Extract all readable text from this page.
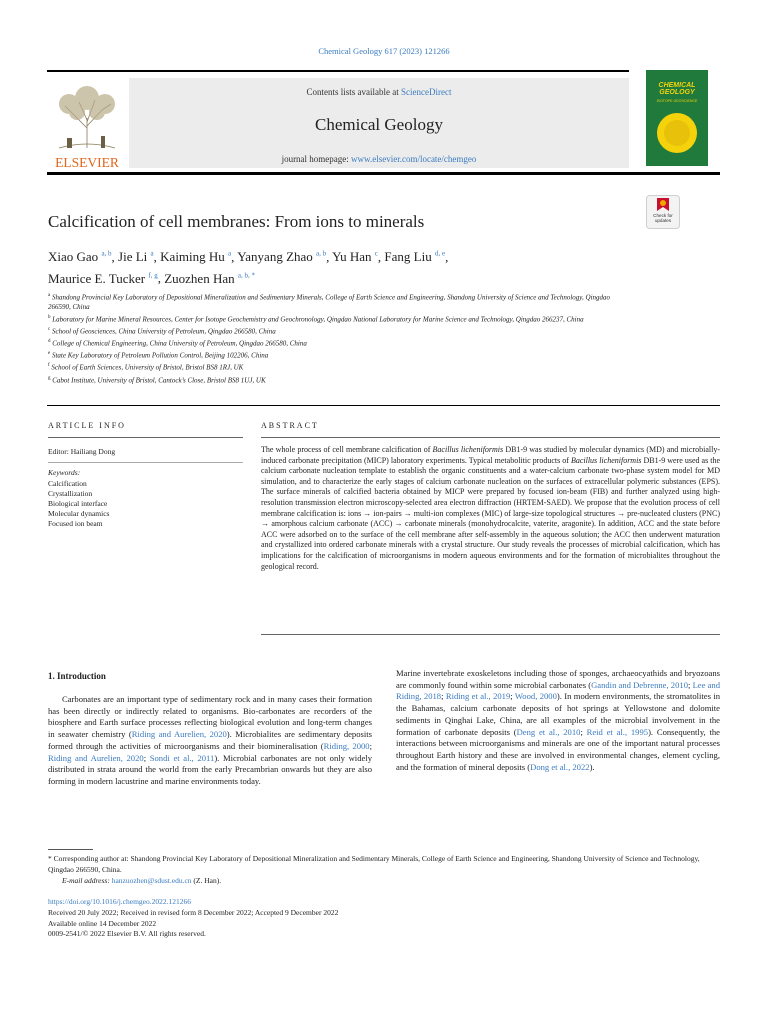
Chemical Geology 617 (2023) 121266
ELSEVIER
Contents lists available at ScienceDirect
Chemical Geology
journal homepage: www.elsevier.com/locate/chemgeo
CHEMICAL
GEOLOGY
ISOTOPE GEOSCIENCE
Calcification of cell membranes: From ions to minerals	Check for
updates
Xiao Gao $^{a, b}$, Jie Li $^a$, Kaiming Hu $^a$, Yanyang Zhao $^{a, b}$, Yu Han $^c$, Fang Liu $^{d, e}$,
Maurice E. Tucker $^{f, g}$, Zuozhen Han $^{a, b, *}$
$^a$ Shandong Provincial Key Laboratory of Depositional Mineralization and Sedimentary Minerals, College of Earth Science and Engineering, Shandong University of Science and Technology, Qingdao 266590, China
$^b$ Laboratory for Marine Mineral Resources, Center for Isotope Geochemistry and Geochronology, Qingdao National Laboratory for Marine Science and Technology, Qingdao 266237, China
$^c$ School of Geosciences, China University of Petroleum, Qingdao 266580, China
$^d$ College of Chemical Engineering, China University of Petroleum, Qingdao 266580, China
$^e$ State Key Laboratory of Petroleum Pollution Control, Beijing 102206, China
$^f$ School of Earth Sciences, University of Bristol, Bristol BS8 1RJ, UK
$^g$ Cabot Institute, University of Bristol, Cantock’s Close, Bristol BS8 1UJ, UK
ARTICLE INFO
Editor: Hailiang Dong
Keywords:
Calcification
Crystallization
Biological interface
Molecular dynamics
Focused ion beam
ABSTRACT
The whole process of cell membrane calcification of Bacillus licheniformis DB1-9 was studied by molecular dynamics (MD) and microbially-induced carbonate precipitation (MICP) laboratory experiments. Typical metabolitic products of Bacillus licheniformis DB1-9 were used as the calcium carbonate nucleation template to establish the organic constituents and a water-calcium carbonate two-phase system model for MD simulation, and to characterize the early stages of calcium carbonate nucleation on the surfaces of extracellular polymeric substances (EPS). The surface minerals of calcified bacteria obtained by MICP were prepared by focused ion-beam (FIB) and further analyzed using high-resolution transmission electron microscopy-selected area electron diffraction (HRTEM-SAED). We propose that the evolution process of cell membrane calcification is: ions → ion-pairs → multi-ion complexes (MIC) of large-size topological structures → pre-nucleated clusters (PNC) → amorphous calcium carbonate (ACC) → carbonate minerals (monohydrocalcite, vaterite, aragonite). In addition, ACC and the state before ACC were adsorbed on to the surface of the cell membrane after self-assembly in the aqueous solution; the ACC then underwent maturation and crystallized into ordered carbonate minerals with a crystal structure. Our study reveals the processes of microbial calcification, which has implications for the calcification of microorganisms in modern aqueous environments and for the formation of microbialites throughout the geological record.
1. Introduction
Carbonates are an important type of sedimentary rock and in many cases their formation has been directly or indirectly related to organisms. Bio-carbonates are recorders of the biosphere and Earth surface processes reflecting biological evolution and long-term changes in seawater chemistry (Riding and Aurelien, 2020). Microbialites are sedimentary deposits formed through the activities of microorganisms and their biomineralisation (Riding, 2000; Riding and Aurelien, 2020; Sondi et al., 2011). Microbial carbonates are not only widely distributed in strata around the world from the early Precambrian onwards but they are also forming in modern lacustrine and marine environments today.
Marine invertebrate exoskeletons including those of sponges, archaeocyathids and bryozoans are commonly found within some microbial carbonates (Gandin and Debrenne, 2010; Lee and Riding, 2018; Riding et al., 2019; Wood, 2000). In modern environments, the stromatolites in the Bahamas, calcium carbonate deposits of hot springs at Yellowstone and dolomite sediments in Qinghai Lake, China, are all examples of the microbial involvement in the formation of carbonate deposits (Deng et al., 2010; Reid et al., 1995). Consequently, the interactions between microorganisms and minerals are one of the important natural processes throughout Earth history and these are involved in environmental changes, element cycling, and the formation of mineral deposits (Dong et al., 2022).
* Corresponding author at: Shandong Provincial Key Laboratory of Depositional Mineralization and Sedimentary Minerals, College of Earth Science and Engineering, Shandong University of Science and Technology, Qingdao 266590, China.
E-mail address: hanzuozhen@sdust.edu.cn (Z. Han).
https://doi.org/10.1016/j.chemgeo.2022.121266
Received 20 July 2022; Received in revised form 8 December 2022; Accepted 9 December 2022
Available online 14 December 2022
0009-2541/© 2022 Elsevier B.V. All rights reserved.
